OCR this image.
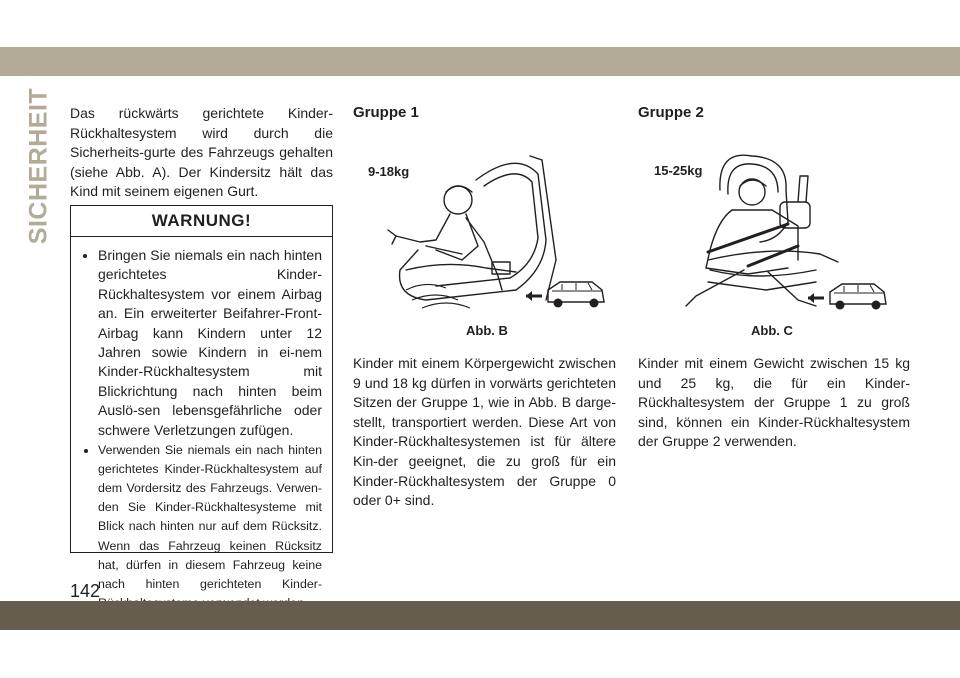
SICHERHEIT Das rückwärts gerichtete Kinder-Rückhaltesystem wird durch die Sicherheits-gurte des Fahrzeugs gehalten (siehe Abb. A). Der Kindersitz hält das Kind mit seinem eigenen Gurt.
WARNUNG!
• Bringen Sie niemals ein nach hinten gerichtetes Kinder-Rückhaltesystem vor einem Airbag an. Ein erweiterter Beifahrer-Front-Airbag kann Kindern unter 12 Jahren sowie Kindern in ei-nem Kinder-Rückhaltesystem mit Blickrichtung nach hinten beim Auslö-sen lebensgefährliche oder schwere Verletzungen zufügen.
• Verwenden Sie niemals ein nach hinten gerichtetes Kinder-Rückhaltesystem auf dem Vordersitz des Fahrzeugs. Verwen-den Sie Kinder-Rückhaltesysteme mit Blick nach hinten nur auf dem Rücksitz. Wenn das Fahrzeug keinen Rücksitz hat, dürfen in diesem Fahrzeug keine nach hinten gerichteten Kinder-
Gruppe 1	Gruppe 2
9-18kg	15-25kg
Abb. B	Abb. C
Kinder mit einem Körpergewicht zwischen 9 und 18 kg dürfen in vorwärts gerichteten Sitzen der Gruppe 1, wie in Abb. B darge-stellt, transportiert werden. Diese Art von Kinder-Rückhaltesystemen ist für ältere Kin-der geeignet, die zu groß für ein Kinder-Rückhaltesystem der Gruppe 0 oder 0+ sind.
Kinder mit einem Gewicht zwischen 15 kg und 25 kg, die für ein Kinder-Rückhaltesystem der Gruppe 1 zu groß sind, können ein Kinder-Rückhaltesystem der Gruppe 2 verwenden.
142
